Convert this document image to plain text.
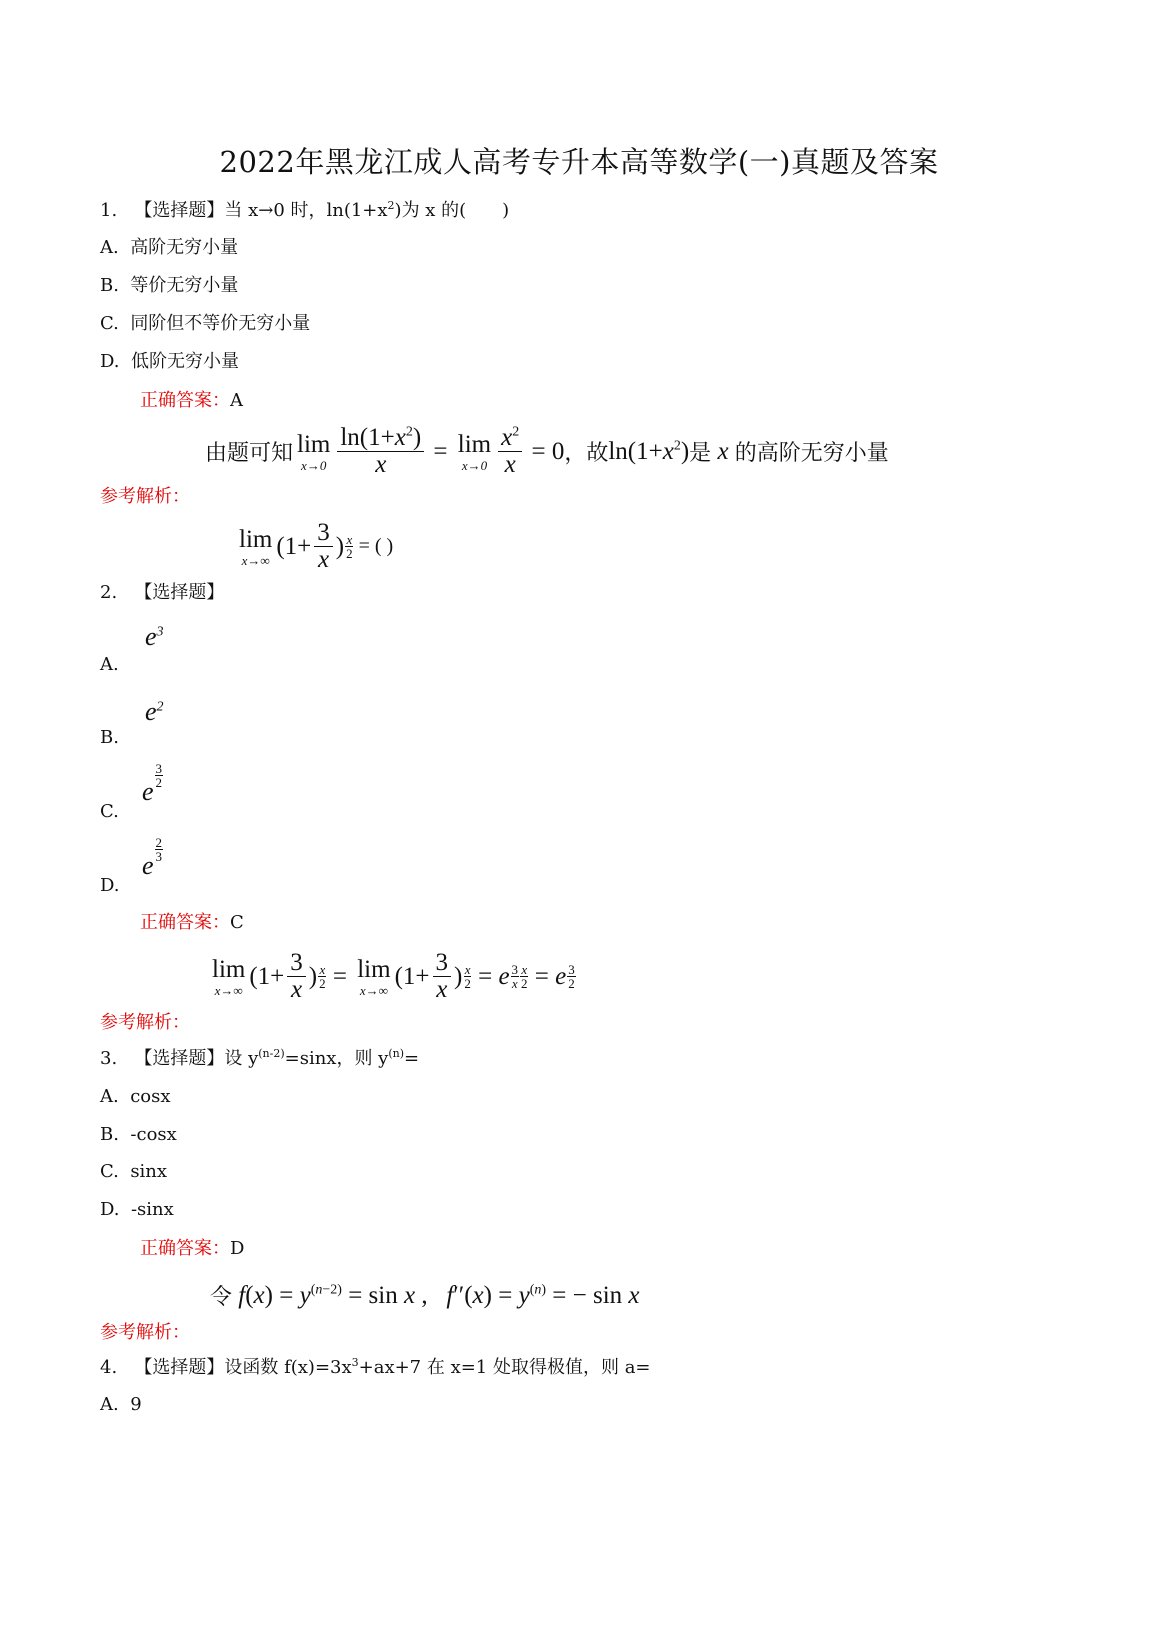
2022年黑龙江成人高考专升本高等数学(一)真题及答案
1. 【选择题】当 x→0 时，$\ln(1+x^2)$为 x 的(　　)
A. 高阶无穷小量
B. 等价无穷小量
C. 同阶但不等价无穷小量
D. 低阶无穷小量
正确答案：A
由题可知 lim
$x\to 0 \frac{\ln(1+x^2)}{x} = \lim$
$x\to 0 \frac{x^2}{x} = 0$ ，故 $\ln(1+x^2)$ 是 x 的高阶无穷小量
参考解析：
lim
x→∞
($1+ \frac{3}{x}$ ) $\frac{x}{2}$ = ( )
2. 【选择题】
$e^3$
A.
$e^2$
B.
e
$\frac{3}{2}$
C.
e
$\frac{2}{3}$
D.
正确答案：C
lim
x→∞
($1+ \frac{3}{x}$ ) $\frac{x}{2} = \lim$
x→∞
($1+ \frac{3}{x}$ ) $\frac{x}{2} = e$ 3
x $\frac{x}{2} = e$ 3
2
参考解析：
3. 【选择题】设 $y^{(n-2)}=\sin x$，则 $y^{(n)}=$
A. cosx
B. -cosx
C. sinx
D. -sinx
正确答案：D
令 $f(x) = y^{(n-2)} = \sin x$ ,   $f''(x) = y^{(n)}$ = − sin x
参考解析：
4. 【选择题】设函数 $f(x)=3x^3+ax+7$ 在 x=1 处取得极值，则 a=
A. 9
